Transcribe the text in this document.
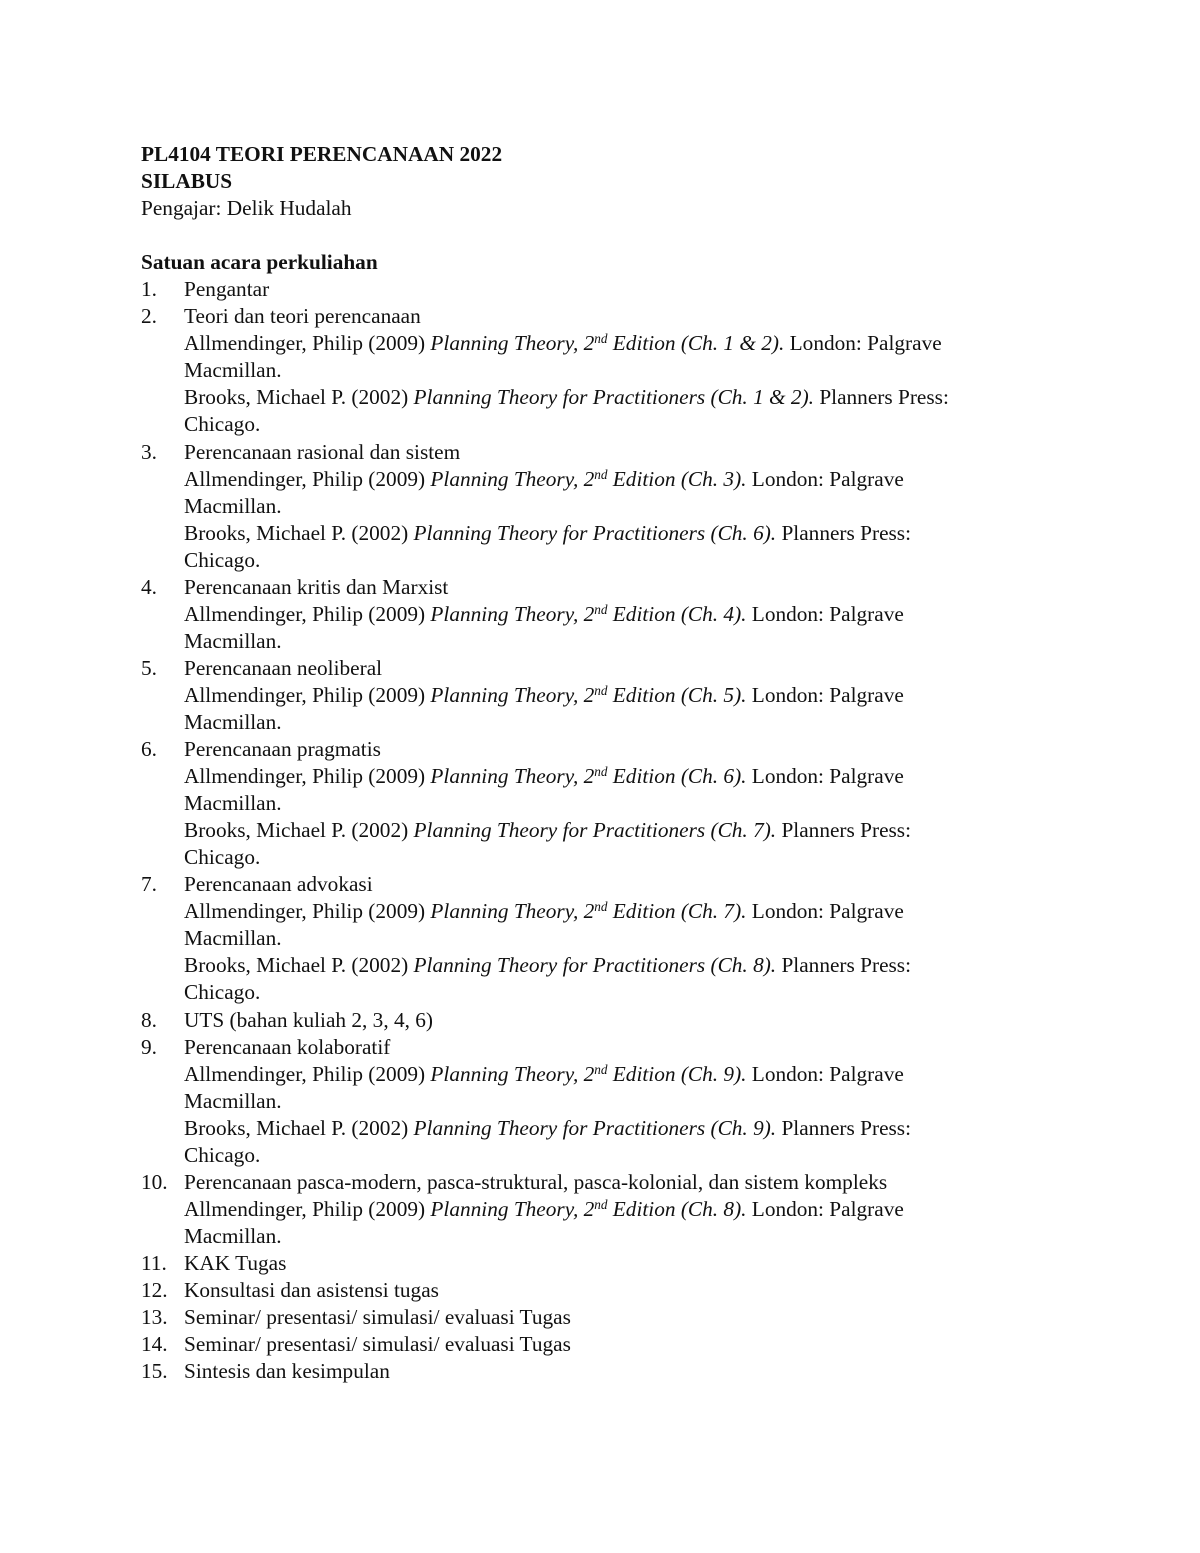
PL4104 TEORI PERENCANAAN 2022
SILABUS
Pengajar: Delik Hudalah
Satuan acara perkuliahan
1. Pengantar
2. Teori dan teori perencanaan
Allmendinger, Philip (2009) Planning Theory, 2nd Edition (Ch. 1 & 2). London: Palgrave
Macmillan.
Brooks, Michael P. (2002) Planning Theory for Practitioners (Ch. 1 & 2). Planners Press:
Chicago.
3. Perencanaan rasional dan sistem
Allmendinger, Philip (2009) Planning Theory, 2nd Edition (Ch. 3). London: Palgrave
Macmillan.
Brooks, Michael P. (2002) Planning Theory for Practitioners (Ch. 6). Planners Press:
Chicago.
4. Perencanaan kritis dan Marxist
Allmendinger, Philip (2009) Planning Theory, 2nd Edition (Ch. 4). London: Palgrave
Macmillan.
5. Perencanaan neoliberal
Allmendinger, Philip (2009) Planning Theory, 2nd Edition (Ch. 5). London: Palgrave
Macmillan.
6. Perencanaan pragmatis
Allmendinger, Philip (2009) Planning Theory, 2nd Edition (Ch. 6). London: Palgrave
Macmillan.
Brooks, Michael P. (2002) Planning Theory for Practitioners (Ch. 7). Planners Press:
Chicago.
7. Perencanaan advokasi
Allmendinger, Philip (2009) Planning Theory, 2nd Edition (Ch. 7). London: Palgrave
Macmillan.
Brooks, Michael P. (2002) Planning Theory for Practitioners (Ch. 8). Planners Press:
Chicago.
8. UTS (bahan kuliah 2, 3, 4, 6)
9. Perencanaan kolaboratif
Allmendinger, Philip (2009) Planning Theory, 2nd Edition (Ch. 9). London: Palgrave
Macmillan.
Brooks, Michael P. (2002) Planning Theory for Practitioners (Ch. 9). Planners Press:
Chicago.
10. Perencanaan pasca-modern, pasca-struktural, pasca-kolonial, dan sistem kompleks
Allmendinger, Philip (2009) Planning Theory, 2nd Edition (Ch. 8). London: Palgrave
Macmillan.
11. KAK Tugas
12. Konsultasi dan asistensi tugas
13. Seminar/ presentasi/ simulasi/ evaluasi Tugas
14. Seminar/ presentasi/ simulasi/ evaluasi Tugas
15. Sintesis dan kesimpulan
